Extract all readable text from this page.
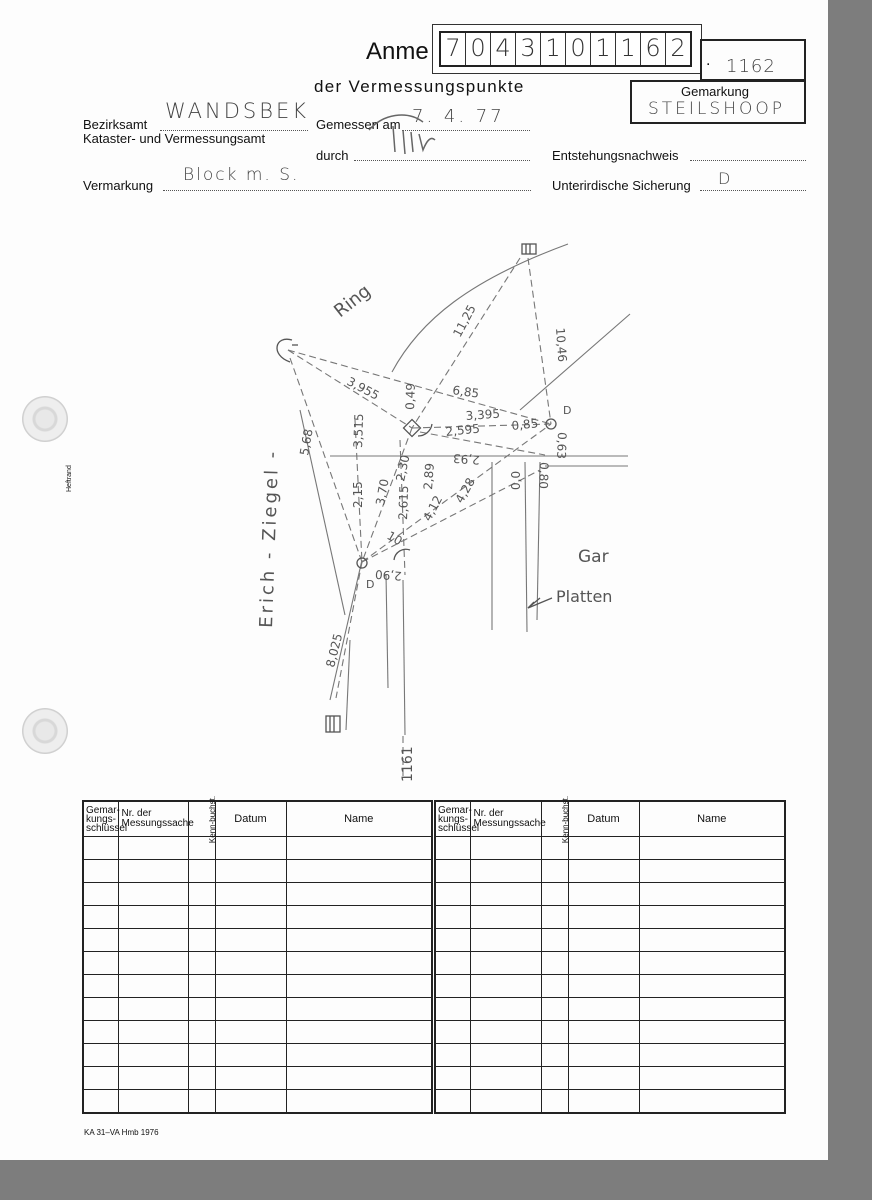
Anme 7 0 4 3 1 0 1 1 6 2 . 1162
der Vermessungspunkte	Gemarkung
STEILSHOOP
Bezirksamt
WANDSBEK
Kataster- und Vermessungsamt
Gemessen am 7. 4. 77
durch	Entstehungsnachweis
Vermarkung
Block m. S.
Unterirdische Sicherung D
Heftrand
Ring
Erich - Ziegel -	Gar
Platten
1161
D
D
11,25
10,46
3,955 0,49	6,85
3,395
2,595	0,85
2,93	0,63
5,68	3,515
2,30
3,70
2,89
2,615
2,15	4,12
4,28	0,0 0,80
10
2,90
8,025
Gemar-kungs-schlüssel	Nr. der Messungssache	Kenn-buchst.	Datum	Name

Gemar-kungs-schlüssel	Nr. der Messungssache	Kenn-buchst.	Datum	Name

KA 31–VA Hmb 1976
